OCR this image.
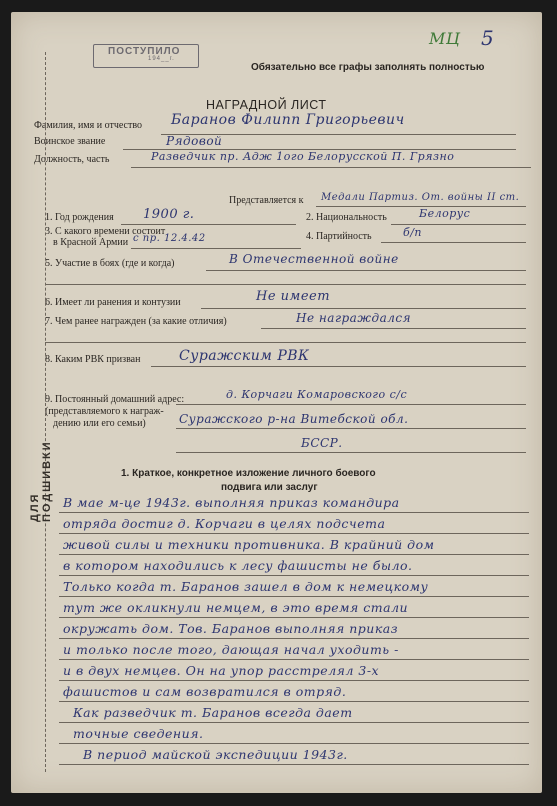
ПОСТУПИЛО
194__г.
МЦ 5
Обязательно все графы заполнять полностью
НАГРАДНОЙ ЛИСТ
Фамилия, имя и отчество Баранов Филипп Григорьевич
Воинское звание	Рядовой
Должность, часть	Разведчик пр. Адж 1ого Белорусской П. Грязно
Представляется к Медали Партиз. От. войны II ст.
1. Год рождения 1900 г.	2. Национальность	Белорус
3. С какого времени состоит
в Красной Армии с пр. 12.4.42	4. Партийность	б/п
5. Участие в боях (где и когда)	В Отечественной войне
6. Имеет ли ранения и контузии	Не имеет
7. Чем ранее награжден (за какие отличия)	Не награждался
8. Каким РВК призван	Суражским РВК
9. Постоянный домашний адрес:
(представляемого к награж-
дению или его семьи)
д. Корчаги Комаровского с/с
Суражского р-на Витебской обл.
БССР.
ДЛЯ ПОДШИВКИ	1. Краткое, конкретное изложение личного боевого
подвига или заслуг
В мае м-це 1943г. выполняя приказ командира
отряда достиг д. Корчаги в целях подсчета
живой силы и техники противника. В крайний дом
в котором находились к лесу фашисты не было.
Только когда т. Баранов зашел в дом к немецкому
тут же окликнули немцем, в это время стали
окружать дом. Тов. Баранов выполняя приказ
и только после того, дающая начал уходить -
и в двух немцев. Он на упор расстрелял 3-х
фашистов и сам возвратился в отряд.
Как разведчик т. Баранов всегда дает
точные сведения.
В период майской экспедиции 1943г.
